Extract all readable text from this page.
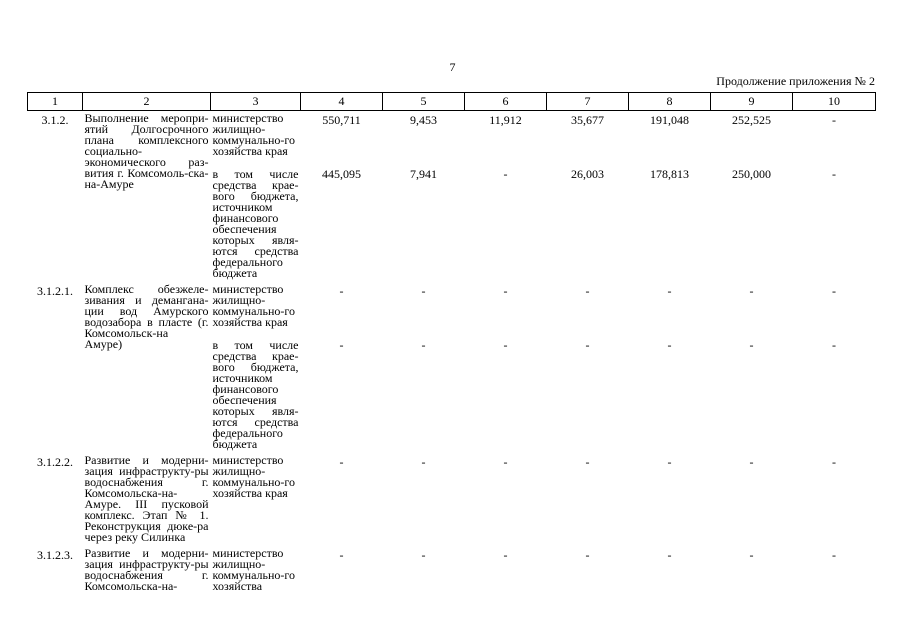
7
Продолжение приложения № 2
1	2	3	4	5	6	7	8	9	10
3.1.2.	Выполнение меропри-ятий Долгосрочного плана комплексного социально-экономического раз-вития г. Комсомоль-ска-на-Амуре	министерство жилищно-коммунально-го хозяйства края	550,711	9,453	11,912	35,677	191,048	252,525	-
		в том числе средства крае-вого бюджета, источником финансового обеспечения которых явля-ются средства федерального бюджета	445,095	7,941	-	26,003	178,813	250,000	-
3.1.2.1.	Комплекс обезжеле-зивания и деманганa-ции вод Амурского водозабора в пласте (г. Комсомольск-на Амуре)	министерство жилищно-коммунально-го хозяйства края	-	-	-	-	-	-	-
		в том числе средства крае-вого бюджета, источником финансового обеспечения которых явля-ются средства федерального бюджета	-	-	-	-	-	-	-
3.1.2.2.	Развитие и модерни-зация инфраструкту-ры водоснабжения г. Комсомольска-на-Амуре. III пусковой комплекс. Этап № 1. Реконструкция дюке-ра через реку Силинка	министерство жилищно-коммунально-го хозяйства края	-	-	-	-	-	-	-
3.1.2.3.	Развитие и модерни-зация инфраструкту-ры водоснабжения г. Комсомольска-на-	министерство жилищно-коммунально-го хозяйства	-	-	-	-	-	-	-
